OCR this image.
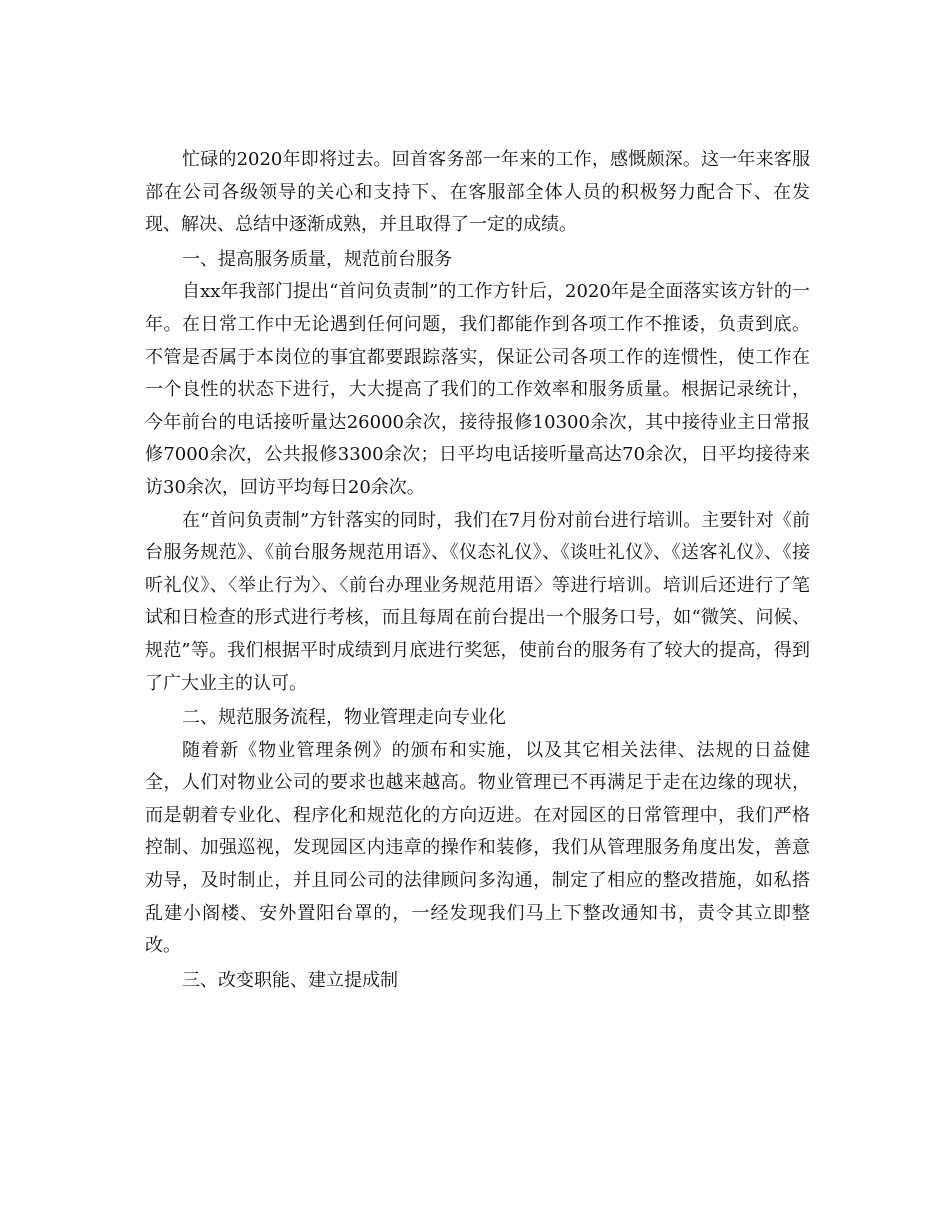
忙碌的2020年即将过去。回首客务部一年来的工作，感慨颇深。这一年来客服部在公司各级领导的关心和支持下、在客服部全体人员的积极努力配合下、在发现、解决、总结中逐渐成熟，并且取得了一定的成绩。

一、提高服务质量，规范前台服务

自xx年我部门提出“首问负责制”的工作方针后，2020年是全面落实该方针的一年。在日常工作中无论遇到任何问题，我们都能作到各项工作不推诿，负责到底。不管是否属于本岗位的事宜都要跟踪落实，保证公司各项工作的连惯性，使工作在一个良性的状态下进行，大大提高了我们的工作效率和服务质量。根据记录统计，今年前台的电话接听量达26000余次，接待报修10300余次，其中接待业主日常报修7000余次，公共报修3300余次；日平均电话接听量高达70余次，日平均接待来访30余次，回访平均每日20余次。

在“首问负责制”方针落实的同时，我们在7月份对前台进行培训。主要针对《前台服务规范》、《前台服务规范用语》、《仪态礼仪》、《谈吐礼仪》、《送客礼仪》、《接听礼仪》、〈举止行为〉、〈前台办理业务规范用语〉等进行培训。培训后还进行了笔试和日检查的形式进行考核，而且每周在前台提出一个服务口号，如“微笑、问候、规范”等。我们根据平时成绩到月底进行奖惩，使前台的服务有了较大的提高，得到了广大业主的认可。

二、规范服务流程，物业管理走向专业化

随着新《物业管理条例》的颁布和实施，以及其它相关法律、法规的日益健全，人们对物业公司的要求也越来越高。物业管理已不再满足于走在边缘的现状，而是朝着专业化、程序化和规范化的方向迈进。在对园区的日常管理中，我们严格控制、加强巡视，发现园区内违章的操作和装修，我们从管理服务角度出发，善意劝导，及时制止，并且同公司的法律顾问多沟通，制定了相应的整改措施，如私搭乱建小阁楼、安外置阳台罩的，一经发现我们马上下整改通知书，责令其立即整改。

三、改变职能、建立提成制
